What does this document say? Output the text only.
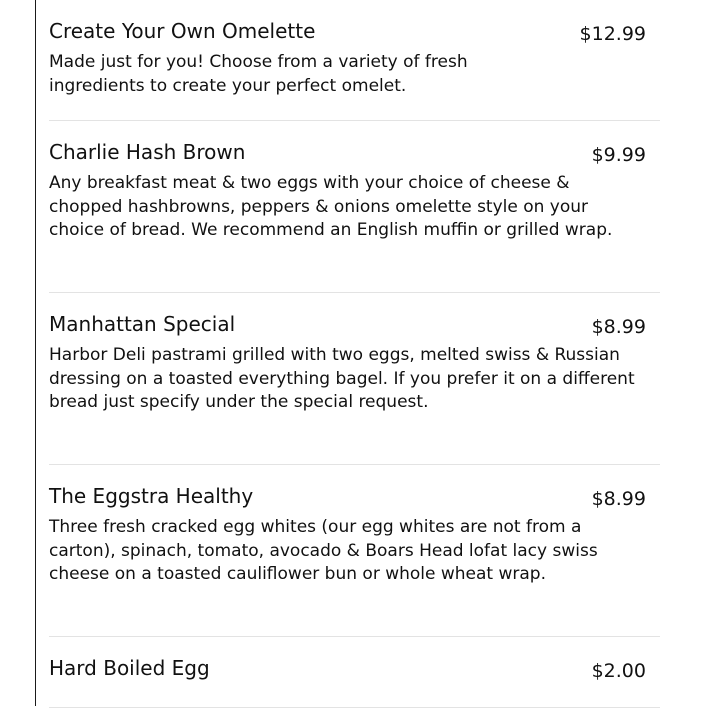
Create Your Own Omelette	$12.99

Made just for you! Choose from a variety of fresh ingredients to create your perfect omelet.

Charlie Hash Brown	$9.99

Any breakfast meat & two eggs with your choice of cheese & chopped hashbrowns, peppers & onions omelette style on your choice of bread. We recommend an English muffin or grilled wrap.

Manhattan Special	$8.99

Harbor Deli pastrami grilled with two eggs, melted swiss & Russian dressing on a toasted everything bagel. If you prefer it on a different bread just specify under the special request.

The Eggstra Healthy	$8.99

Three fresh cracked egg whites (our egg whites are not from a carton), spinach, tomato, avocado & Boars Head lofat lacy swiss cheese on a toasted cauliflower bun or whole wheat wrap.

Hard Boiled Egg	$2.00
